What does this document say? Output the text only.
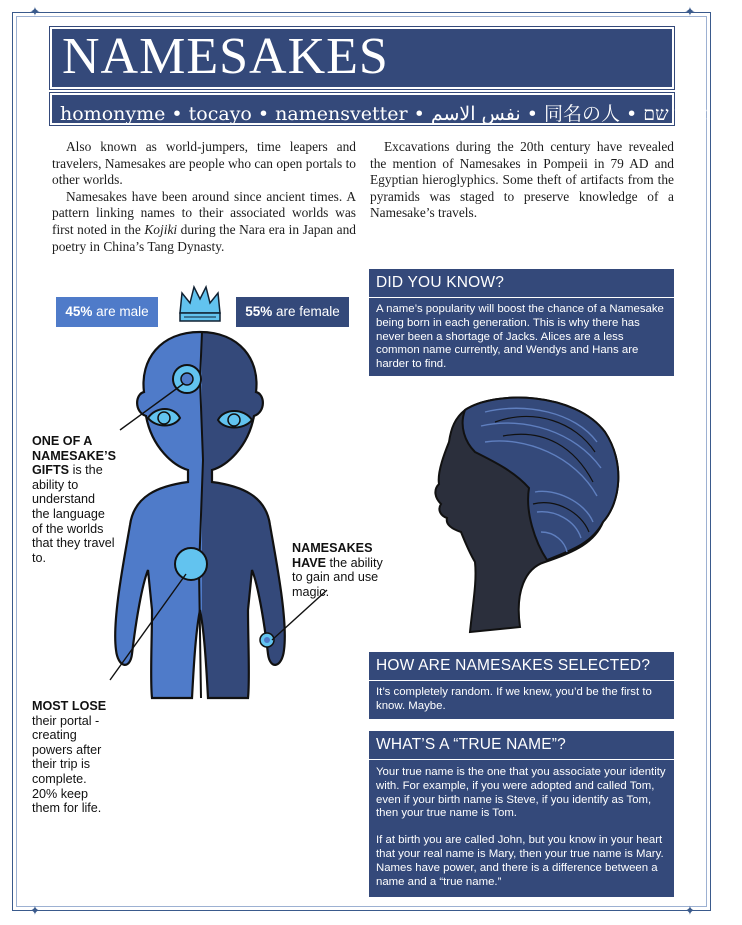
✦	✦
✦	✦
NAMESAKES
homonyme • tocayo • namensvetter • نفس الاسم • 同名の人 • בעל אותו שם

Also known as world-jumpers, time leapers and travelers, Namesakes are people who can open portals to other worlds.

Namesakes have been around since ancient times. A pattern linking names to their associated worlds was first noted in the Kojiki during the Nara era in Japan and poetry in China’s Tang Dynasty.

Excavations during the 20th century have revealed the mention of Namesakes in Pompeii in 79 AD and Egyptian hieroglyphics. Some theft of artifacts from the pyramids was staged to preserve knowledge of a Namesake’s travels.

45% are male	55% are female
ONE OF A NAMESAKE’S GIFTS is the ability to understand the language of the worlds that they travel to.
NAMESAKES HAVE the ability to gain and use magic.
MOST LOSE their portal -creating powers after their trip is complete. 20% keep them for life.
DID YOU KNOW?

A name’s popularity will boost the chance of a Namesake being born in each generation. This is why there has never been a shortage of Jacks. Alices are a less common name currently, and Wendys and Hans are harder to find.

HOW ARE NAMESAKES SELECTED?

It’s completely random. If we knew, you’d be the first to know. Maybe.

WHAT’S A “TRUE NAME”?

Your true name is the one that you associate your identity with. For example, if you were adopted and called Tom, even if your birth name is Steve, if you identify as Tom, then your true name is Tom.

If at birth you are called John, but you know in your heart that your real name is Mary, then your true name is Mary. Names have power, and there is a difference between a name and a “true name.”
